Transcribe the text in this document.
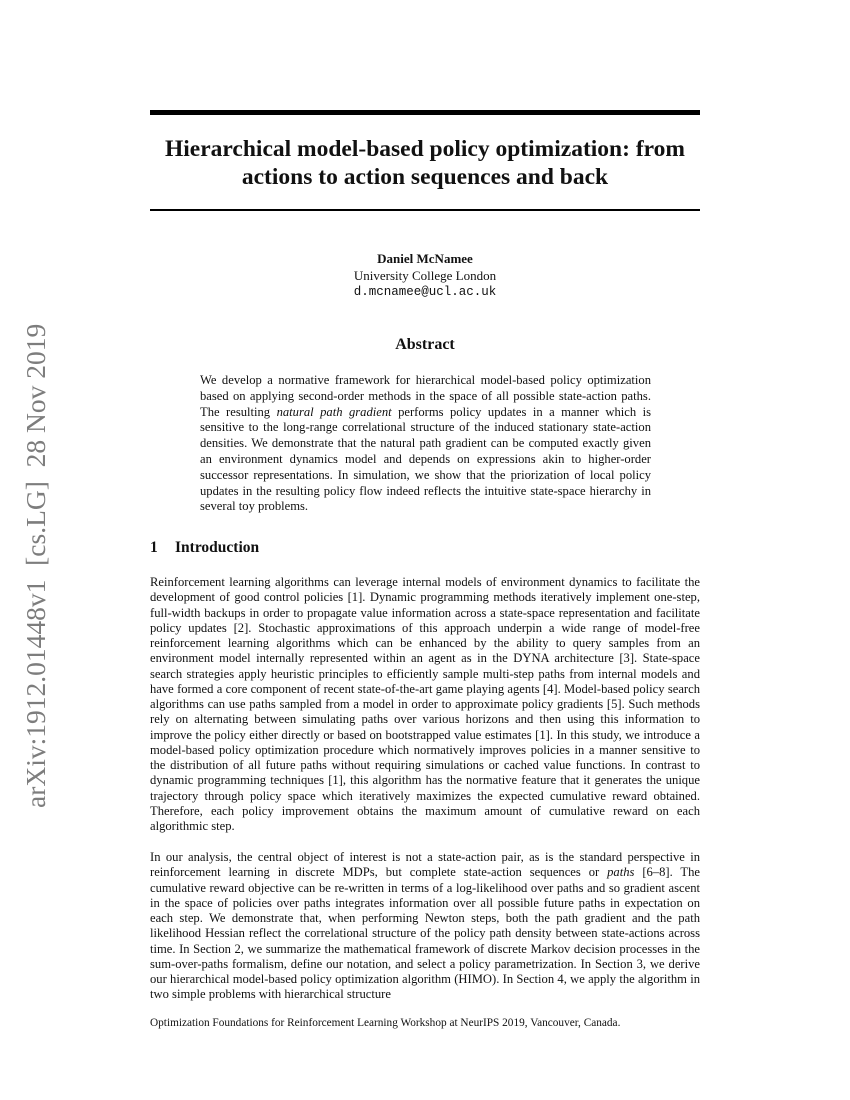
arXiv:1912.01448v1  [cs.LG]  28 Nov 2019
Hierarchical model-based policy optimization: from
actions to action sequences and back
Daniel McNamee
University College London
d.mcnamee@ucl.ac.uk
Abstract

We develop a normative framework for hierarchical model-based policy optimization based on applying second-order methods in the space of all possible state-action paths. The resulting natural path gradient performs policy updates in a manner which is sensitive to the long-range correlational structure of the induced stationary state-action densities. We demonstrate that the natural path gradient can be computed exactly given an environment dynamics model and depends on expressions akin to higher-order successor representations. In simulation, we show that the priorization of local policy updates in the resulting policy flow indeed reflects the intuitive state-space hierarchy in several toy problems.

1 Introduction

Reinforcement learning algorithms can leverage internal models of environment dynamics to facilitate the development of good control policies [1]. Dynamic programming methods iteratively implement one-step, full-width backups in order to propagate value information across a state-space representation and facilitate policy updates [2]. Stochastic approximations of this approach underpin a wide range of model-free reinforcement learning algorithms which can be enhanced by the ability to query samples from an environment model internally represented within an agent as in the DYNA architecture [3]. State-space search strategies apply heuristic principles to efficiently sample multi-step paths from internal models and have formed a core component of recent state-of-the-art game playing agents [4]. Model-based policy search algorithms can use paths sampled from a model in order to approximate policy gradients [5]. Such methods rely on alternating between simulating paths over various horizons and then using this information to improve the policy either directly or based on bootstrapped value estimates [1]. In this study, we introduce a model-based policy optimization procedure which normatively improves policies in a manner sensitive to the distribution of all future paths without requiring simulations or cached value functions. In contrast to dynamic programming techniques [1], this algorithm has the normative feature that it generates the unique trajectory through policy space which iteratively maximizes the expected cumulative reward obtained. Therefore, each policy improvement obtains the maximum amount of cumulative reward on each algorithmic step.

In our analysis, the central object of interest is not a state-action pair, as is the standard perspective in reinforcement learning in discrete MDPs, but complete state-action sequences or paths [6–8]. The cumulative reward objective can be re-written in terms of a log-likelihood over paths and so gradient ascent in the space of policies over paths integrates information over all possible future paths in expectation on each step. We demonstrate that, when performing Newton steps, both the path gradient and the path likelihood Hessian reflect the correlational structure of the policy path density between state-actions across time. In Section 2, we summarize the mathematical framework of discrete Markov decision processes in the sum-over-paths formalism, define our notation, and select a policy parametrization. In Section 3, we derive our hierarchical model-based policy optimization algorithm (HIMO). In Section 4, we apply the algorithm in two simple problems with hierarchical structure

Optimization Foundations for Reinforcement Learning Workshop at NeurIPS 2019, Vancouver, Canada.
